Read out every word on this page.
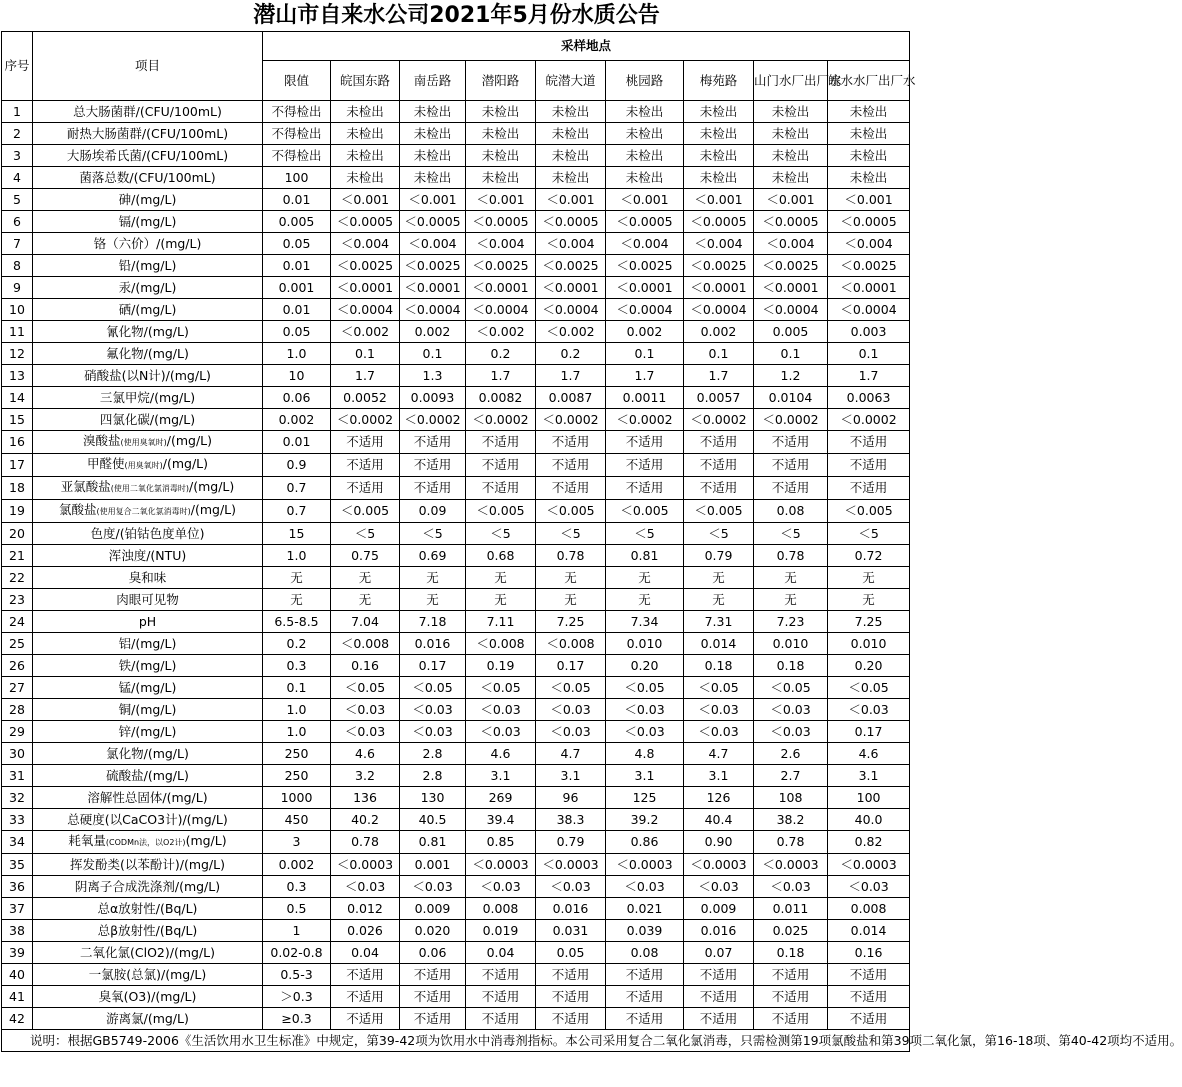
潜山市自来水公司2021年5月份水质公告
序号	项目	采样地点								
		限值	皖国东路	南岳路	潜阳路	皖潜大道	桃园路	梅苑路	山门水厂出厂水	皖水水厂出厂水
1	总大肠菌群/(CFU/100mL)	不得检出	未检出	未检出	未检出	未检出	未检出	未检出	未检出	未检出
2	耐热大肠菌群/(CFU/100mL)	不得检出	未检出	未检出	未检出	未检出	未检出	未检出	未检出	未检出
3	大肠埃希氏菌/(CFU/100mL)	不得检出	未检出	未检出	未检出	未检出	未检出	未检出	未检出	未检出
4	菌落总数/(CFU/100mL)	100	未检出	未检出	未检出	未检出	未检出	未检出	未检出	未检出
5	砷/(mg/L)	0.01	＜0.001	＜0.001	＜0.001	＜0.001	＜0.001	＜0.001	＜0.001	＜0.001
6	镉/(mg/L)	0.005	＜0.0005	＜0.0005	＜0.0005	＜0.0005	＜0.0005	＜0.0005	＜0.0005	＜0.0005
7	铬（六价）/(mg/L)	0.05	＜0.004	＜0.004	＜0.004	＜0.004	＜0.004	＜0.004	＜0.004	＜0.004
8	铅/(mg/L)	0.01	＜0.0025	＜0.0025	＜0.0025	＜0.0025	＜0.0025	＜0.0025	＜0.0025	＜0.0025
9	汞/(mg/L)	0.001	＜0.0001	＜0.0001	＜0.0001	＜0.0001	＜0.0001	＜0.0001	＜0.0001	＜0.0001
10	硒/(mg/L)	0.01	＜0.0004	＜0.0004	＜0.0004	＜0.0004	＜0.0004	＜0.0004	＜0.0004	＜0.0004
11	氰化物/(mg/L)	0.05	＜0.002	0.002	＜0.002	＜0.002	0.002	0.002	0.005	0.003
12	氟化物/(mg/L)	1.0	0.1	0.1	0.2	0.2	0.1	0.1	0.1	0.1
13	硝酸盐(以N计)/(mg/L)	10	1.7	1.3	1.7	1.7	1.7	1.7	1.2	1.7
14	三氯甲烷/(mg/L)	0.06	0.0052	0.0093	0.0082	0.0087	0.0011	0.0057	0.0104	0.0063
15	四氯化碳/(mg/L)	0.002	＜0.0002	＜0.0002	＜0.0002	＜0.0002	＜0.0002	＜0.0002	＜0.0002	＜0.0002
16	溴酸盐(使用臭氧时)/(mg/L)	0.01	不适用	不适用	不适用	不适用	不适用	不适用	不适用	不适用
17	甲醛使(用臭氧时)/(mg/L)	0.9	不适用	不适用	不适用	不适用	不适用	不适用	不适用	不适用
18	亚氯酸盐(使用二氧化氯消毒时)/(mg/L)	0.7	不适用	不适用	不适用	不适用	不适用	不适用	不适用	不适用
19	氯酸盐(使用复合二氧化氯消毒时)/(mg/L)	0.7	＜0.005	0.09	＜0.005	＜0.005	＜0.005	＜0.005	0.08	＜0.005
20	色度/(铂钴色度单位)	15	＜5	＜5	＜5	＜5	＜5	＜5	＜5	＜5
21	浑浊度/(NTU)	1.0	0.75	0.69	0.68	0.78	0.81	0.79	0.78	0.72
22	臭和味	无	无	无	无	无	无	无	无	无
23	肉眼可见物	无	无	无	无	无	无	无	无	无
24	pH	6.5-8.5	7.04	7.18	7.11	7.25	7.34	7.31	7.23	7.25
25	铝/(mg/L)	0.2	＜0.008	0.016	＜0.008	＜0.008	0.010	0.014	0.010	0.010
26	铁/(mg/L)	0.3	0.16	0.17	0.19	0.17	0.20	0.18	0.18	0.20
27	锰/(mg/L)	0.1	＜0.05	＜0.05	＜0.05	＜0.05	＜0.05	＜0.05	＜0.05	＜0.05
28	铜/(mg/L)	1.0	＜0.03	＜0.03	＜0.03	＜0.03	＜0.03	＜0.03	＜0.03	＜0.03
29	锌/(mg/L)	1.0	＜0.03	＜0.03	＜0.03	＜0.03	＜0.03	＜0.03	＜0.03	0.17
30	氯化物/(mg/L)	250	4.6	2.8	4.6	4.7	4.8	4.7	2.6	4.6
31	硫酸盐/(mg/L)	250	3.2	2.8	3.1	3.1	3.1	3.1	2.7	3.1
32	溶解性总固体/(mg/L)	1000	136	130	269	96	125	126	108	100
33	总硬度(以CaCO3计)/(mg/L)	450	40.2	40.5	39.4	38.3	39.2	40.4	38.2	40.0
34	耗氧量(CODMn法，以O2计)(mg/L)	3	0.78	0.81	0.85	0.79	0.86	0.90	0.78	0.82
35	挥发酚类(以苯酚计)/(mg/L)	0.002	＜0.0003	0.001	＜0.0003	＜0.0003	＜0.0003	＜0.0003	＜0.0003	＜0.0003
36	阴离子合成洗涤剂/(mg/L)	0.3	＜0.03	＜0.03	＜0.03	＜0.03	＜0.03	＜0.03	＜0.03	＜0.03
37	总α放射性/(Bq/L)	0.5	0.012	0.009	0.008	0.016	0.021	0.009	0.011	0.008
38	总β放射性/(Bq/L)	1	0.026	0.020	0.019	0.031	0.039	0.016	0.025	0.014
39	二氧化氯(ClO2)/(mg/L)	0.02-0.8	0.04	0.06	0.04	0.05	0.08	0.07	0.18	0.16
40	一氯胺(总氯)/(mg/L)	0.5-3	不适用	不适用	不适用	不适用	不适用	不适用	不适用	不适用
41	臭氧(O3)/(mg/L)	＞0.3	不适用	不适用	不适用	不适用	不适用	不适用	不适用	不适用
42	游离氯/(mg/L)	≥0.3	不适用	不适用	不适用	不适用	不适用	不适用	不适用	不适用
说明：根据GB5749-2006《生活饮用水卫生标准》中规定，第39-42项为饮用水中消毒剂指标。本公司采用复合二氧化氯消毒，只需检测第19项氯酸盐和第39项二氧化氯，第16-18项、第40-42项均不适用。										
